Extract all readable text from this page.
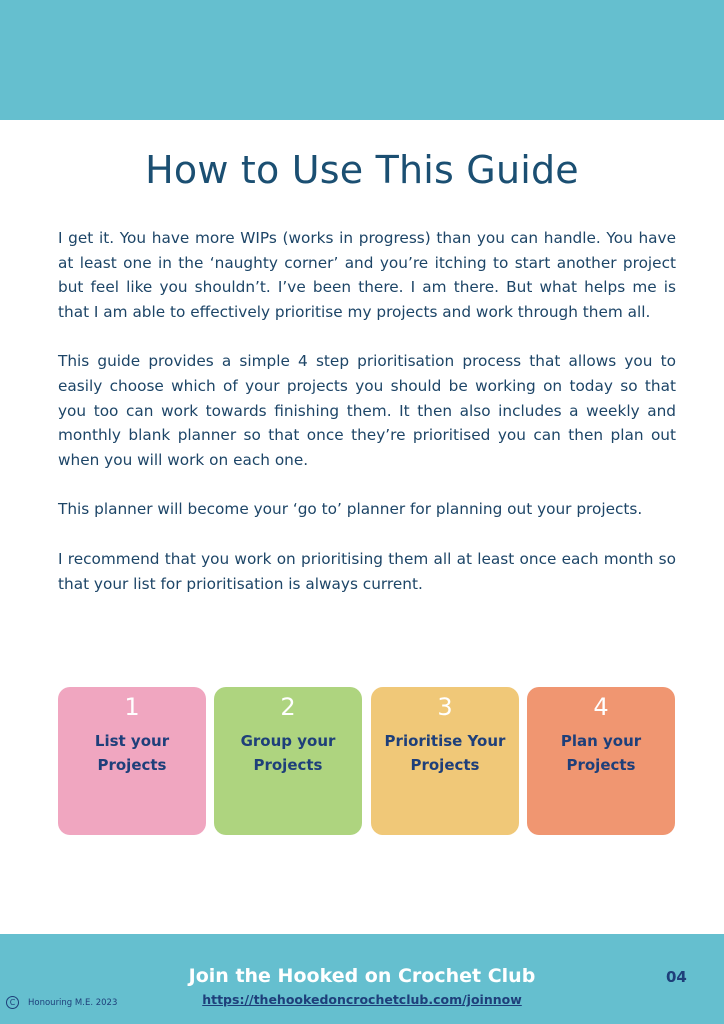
How to Use This Guide

I get it. You have more WIPs (works in progress) than you can handle. You have at least one in the ‘naughty corner’ and you’re itching to start another project but feel like you shouldn’t. I’ve been there. I am there. But what helps me is that I am able to effectively prioritise my projects and work through them all.

This guide provides a simple 4 step prioritisation process that allows you to easily choose which of your projects you should be working on today so that you too can work towards finishing them. It then also includes a weekly and monthly blank planner so that once they’re prioritised you can then plan out when you will work on each one.

This planner will become your ‘go to’ planner for planning out your projects.

I recommend that you work on prioritising them all at least once each month so that your list for prioritisation is always current.

1
List your Projects
2
Group your Projects
3
Prioritise Your Projects
4
Plan your Projects
Join the Hooked on Crochet Club
https://thehookedoncrochetclub.com/joinnow
04
C	Honouring M.E. 2023
